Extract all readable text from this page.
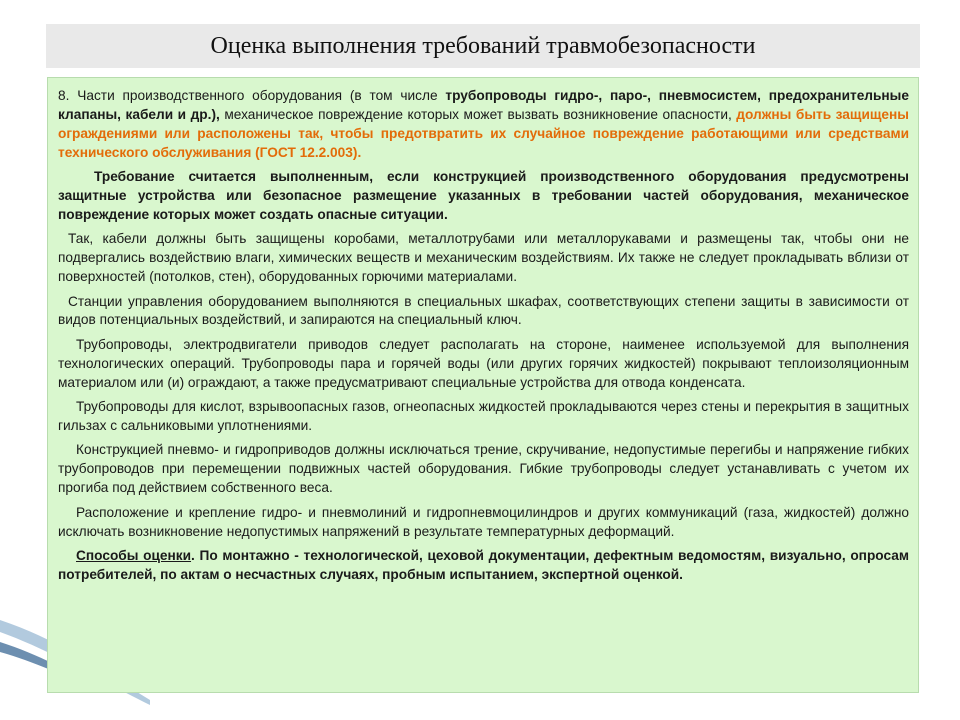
Оценка выполнения требований травмобезопасности

8. Части производственного оборудования (в том числе трубопроводы гидро-, паро-, пневмосистем, предохранительные клапаны, кабели и др.), механическое повреждение которых может вызвать возникновение опасности, должны быть защищены ограждениями или расположены так, чтобы предотвратить их случайное повреждение работающими или средствами технического обслуживания (ГОСТ 12.2.003).

Требование считается выполненным, если конструкцией производственного оборудования предусмотрены защитные устройства или безопасное размещение указанных в требовании частей оборудования, механическое повреждение которых может создать опасные ситуации.

Так, кабели должны быть защищены коробами, металлотрубами или металлорукавами и размещены так, чтобы они не подвергались воздействию влаги, химических веществ и механическим воздействиям. Их также не следует прокладывать вблизи от поверхностей (потолков, стен), оборудованных горючими материалами.

Станции управления оборудованием выполняются в специальных шкафах, соответствующих степени защиты в зависимости от видов потенциальных воздействий, и запираются на специальный ключ.

Трубопроводы, электродвигатели приводов следует располагать на стороне, наименее используемой для выполнения технологических операций. Трубопроводы пара и горячей воды (или других горячих жидкостей) покрывают теплоизоляционным материалом или (и) ограждают, а также предусматривают специальные устройства для отвода конденсата.

Трубопроводы для кислот, взрывоопасных газов, огнеопасных жидкостей прокладываются через стены и перекрытия в защитных гильзах с сальниковыми уплотнениями.

Конструкцией пневмо- и гидроприводов должны исключаться трение, скручивание, недопустимые перегибы и напряжение гибких трубопроводов при перемещении подвижных частей оборудования. Гибкие трубопроводы следует устанавливать с учетом их прогиба под действием собственного веса.

Расположение и крепление гидро- и пневмолиний и гидропневмоцилиндров и других коммуникаций (газа, жидкостей) должно исключать возникновение недопустимых напряжений в результате температурных деформаций.

Способы оценки. По монтажно - технологической, цеховой документации, дефектным ведомостям, визуально, опросам потребителей, по актам о несчастных случаях, пробным испытанием, экспертной оценкой.
